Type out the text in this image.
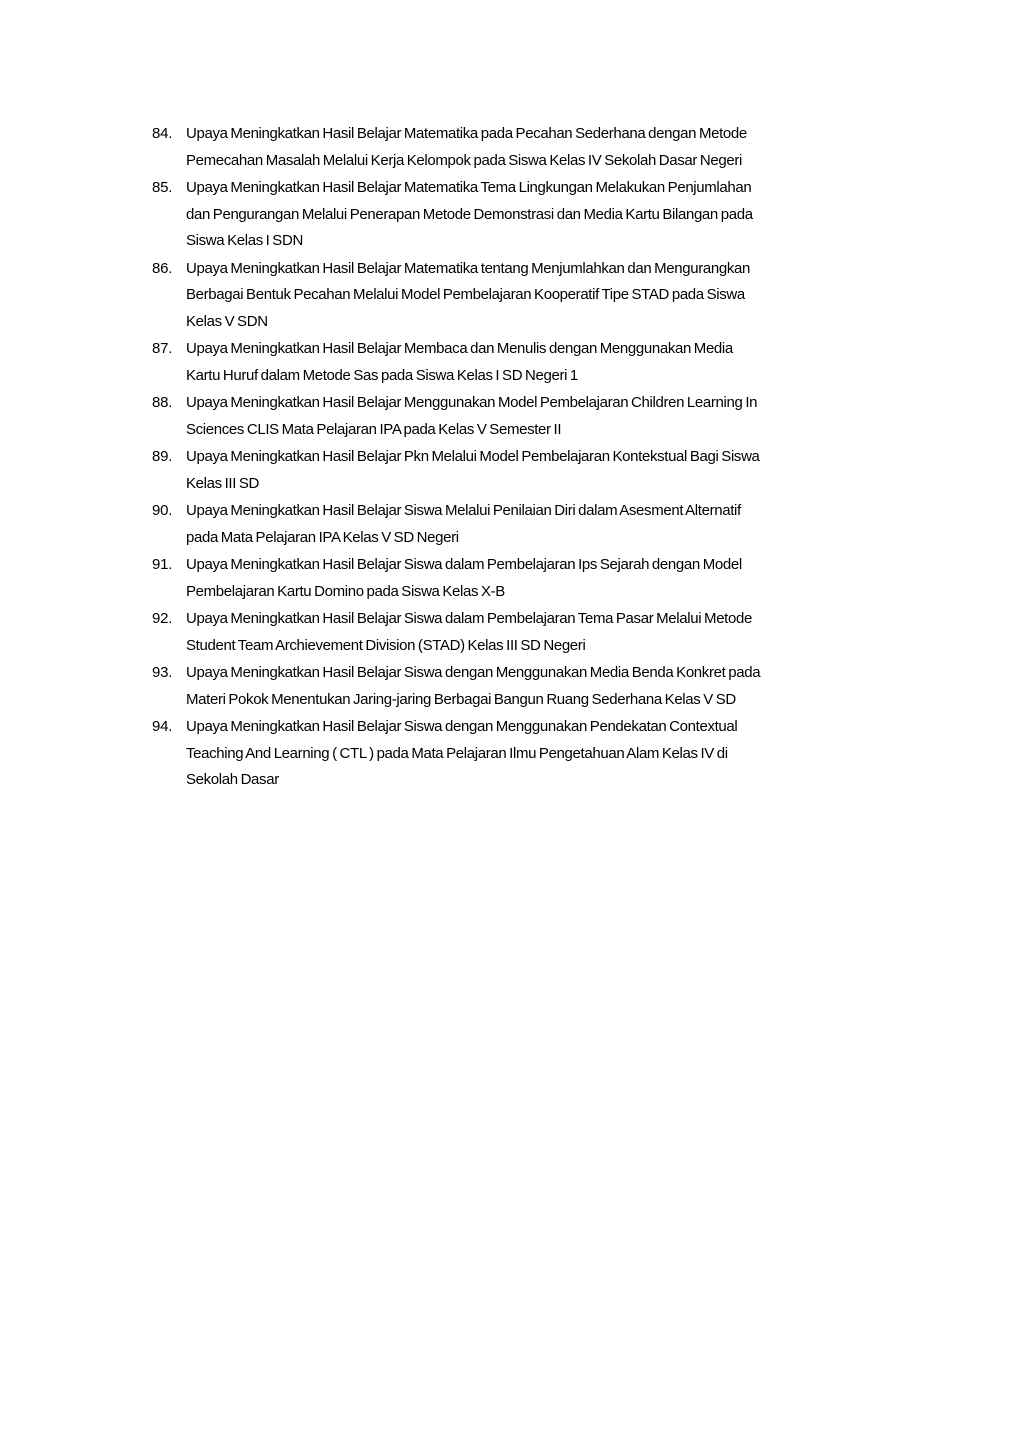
84. Upaya Meningkatkan Hasil Belajar Matematika pada Pecahan Sederhana dengan Metode
Pemecahan Masalah Melalui Kerja Kelompok pada Siswa Kelas IV Sekolah Dasar Negeri
85. Upaya Meningkatkan Hasil Belajar Matematika Tema Lingkungan Melakukan Penjumlahan
dan Pengurangan Melalui Penerapan Metode Demonstrasi dan Media Kartu Bilangan pada
Siswa Kelas I SDN
86. Upaya Meningkatkan Hasil Belajar Matematika tentang Menjumlahkan dan Mengurangkan
Berbagai Bentuk Pecahan Melalui Model Pembelajaran Kooperatif Tipe STAD pada Siswa
Kelas V SDN
87. Upaya Meningkatkan Hasil Belajar Membaca dan Menulis dengan Menggunakan Media
Kartu Huruf dalam Metode Sas pada Siswa Kelas I SD Negeri 1
88. Upaya Meningkatkan Hasil Belajar Menggunakan Model Pembelajaran Children Learning In
Sciences CLIS Mata Pelajaran IPA pada Kelas V Semester II
89. Upaya Meningkatkan Hasil Belajar Pkn Melalui Model Pembelajaran Kontekstual Bagi Siswa
Kelas III SD
90. Upaya Meningkatkan Hasil Belajar Siswa Melalui Penilaian Diri dalam Asesment Alternatif
pada Mata Pelajaran IPA Kelas V SD Negeri
91. Upaya Meningkatkan Hasil Belajar Siswa dalam Pembelajaran Ips Sejarah dengan Model
Pembelajaran Kartu Domino pada Siswa Kelas X-B
92. Upaya Meningkatkan Hasil Belajar Siswa dalam Pembelajaran Tema Pasar Melalui Metode
Student Team Archievement Division (STAD) Kelas III SD Negeri
93. Upaya Meningkatkan Hasil Belajar Siswa dengan Menggunakan Media Benda Konkret pada
Materi Pokok Menentukan Jaring-jaring Berbagai Bangun Ruang Sederhana Kelas V SD
94. Upaya Meningkatkan Hasil Belajar Siswa dengan Menggunakan Pendekatan Contextual
Teaching And Learning ( CTL ) pada Mata Pelajaran Ilmu Pengetahuan Alam Kelas IV di
Sekolah Dasar
